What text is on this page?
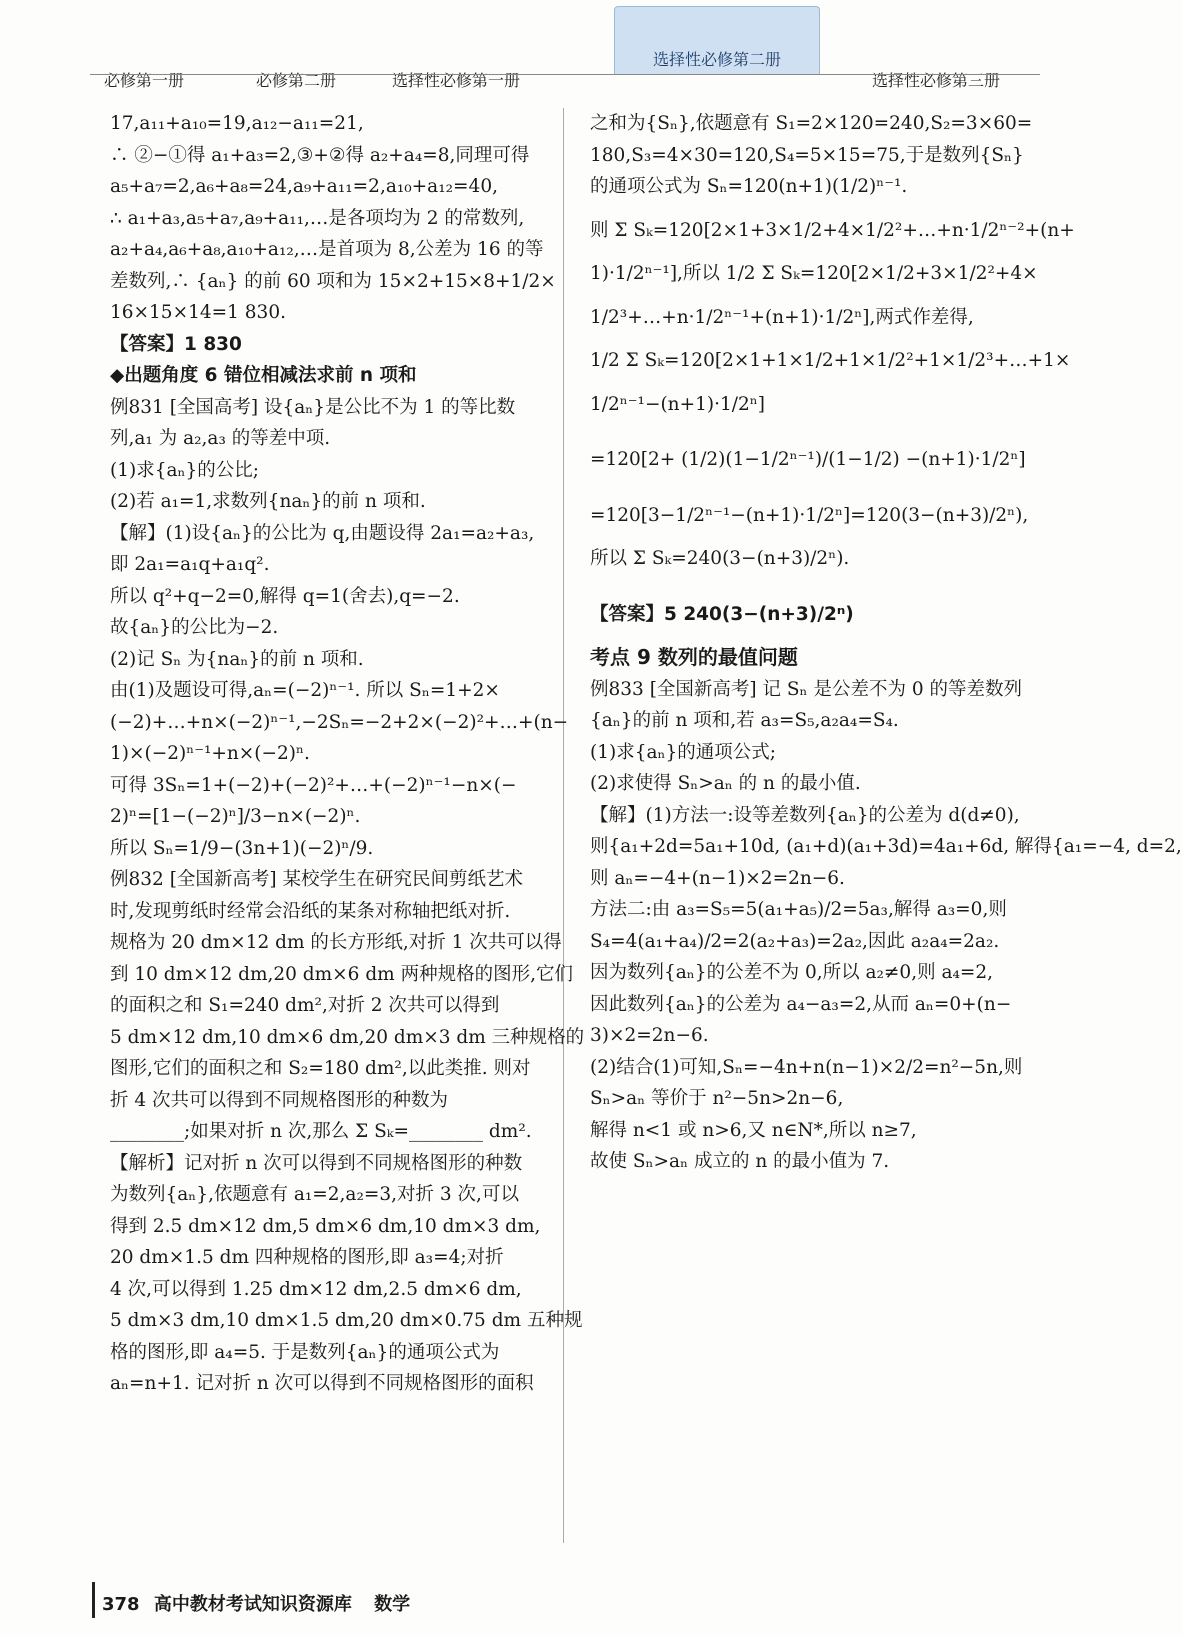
必修第一册	必修第二册	选择性必修第一册
选择性必修第二册
选择性必修第三册

17,a₁₁+a₁₀=19,a₁₂−a₁₁=21,

∴ ②−①得 a₁+a₃=2,③+②得 a₂+a₄=8,同理可得

a₅+a₇=2,a₆+a₈=24,a₉+a₁₁=2,a₁₀+a₁₂=40,

∴ a₁+a₃,a₅+a₇,a₉+a₁₁,…是各项均为 2 的常数列,

a₂+a₄,a₆+a₈,a₁₀+a₁₂,…是首项为 8,公差为 16 的等

差数列,∴ {aₙ} 的前 60 项和为 15×2+15×8+1/2×

16×15×14=1 830.

【答案】1 830

◆出题角度 6 错位相减法求前 n 项和

例831 [全国高考] 设{aₙ}是公比不为 1 的等比数

列,a₁ 为 a₂,a₃ 的等差中项.

(1)求{aₙ}的公比;

(2)若 a₁=1,求数列{naₙ}的前 n 项和.

【解】(1)设{aₙ}的公比为 q,由题设得 2a₁=a₂+a₃,

即 2a₁=a₁q+a₁q².

所以 q²+q−2=0,解得 q=1(舍去),q=−2.

故{aₙ}的公比为−2.

(2)记 Sₙ 为{naₙ}的前 n 项和.

由(1)及题设可得,aₙ=(−2)ⁿ⁻¹. 所以 Sₙ=1+2×

(−2)+…+n×(−2)ⁿ⁻¹,−2Sₙ=−2+2×(−2)²+…+(n−

1)×(−2)ⁿ⁻¹+n×(−2)ⁿ.

可得 3Sₙ=1+(−2)+(−2)²+…+(−2)ⁿ⁻¹−n×(−

2)ⁿ=[1−(−2)ⁿ]/3−n×(−2)ⁿ.

所以 Sₙ=1/9−(3n+1)(−2)ⁿ/9.

例832 [全国新高考] 某校学生在研究民间剪纸艺术

时,发现剪纸时经常会沿纸的某条对称轴把纸对折.

规格为 20 dm×12 dm 的长方形纸,对折 1 次共可以得

到 10 dm×12 dm,20 dm×6 dm 两种规格的图形,它们

的面积之和 S₁=240 dm²,对折 2 次共可以得到

5 dm×12 dm,10 dm×6 dm,20 dm×3 dm 三种规格的

图形,它们的面积之和 S₂=180 dm²,以此类推. 则对

折 4 次共可以得到不同规格图形的种数为

________;如果对折 n 次,那么 Σ Sₖ=________ dm².

【解析】记对折 n 次可以得到不同规格图形的种数

为数列{aₙ},依题意有 a₁=2,a₂=3,对折 3 次,可以

得到 2.5 dm×12 dm,5 dm×6 dm,10 dm×3 dm,

20 dm×1.5 dm 四种规格的图形,即 a₃=4;对折

4 次,可以得到 1.25 dm×12 dm,2.5 dm×6 dm,

5 dm×3 dm,10 dm×1.5 dm,20 dm×0.75 dm 五种规

格的图形,即 a₄=5. 于是数列{aₙ}的通项公式为

aₙ=n+1. 记对折 n 次可以得到不同规格图形的面积

之和为{Sₙ},依题意有 S₁=2×120=240,S₂=3×60=

180,S₃=4×30=120,S₄=5×15=75,于是数列{Sₙ}

的通项公式为 Sₙ=120(n+1)(1/2)ⁿ⁻¹.

则 Σ Sₖ=120[2×1+3×1/2+4×1/2²+…+n·1/2ⁿ⁻²+(n+

1)·1/2ⁿ⁻¹],所以 1/2 Σ Sₖ=120[2×1/2+3×1/2²+4×

1/2³+…+n·1/2ⁿ⁻¹+(n+1)·1/2ⁿ],两式作差得,

1/2 Σ Sₖ=120[2×1+1×1/2+1×1/2²+1×1/2³+…+1×

1/2ⁿ⁻¹−(n+1)·1/2ⁿ]

=120[2+ (1/2)(1−1/2ⁿ⁻¹)/(1−1/2) −(n+1)·1/2ⁿ]

=120[3−1/2ⁿ⁻¹−(n+1)·1/2ⁿ]=120(3−(n+3)/2ⁿ),

所以 Σ Sₖ=240(3−(n+3)/2ⁿ).

【答案】5 240(3−(n+3)/2ⁿ)

考点 9 数列的最值问题

例833 [全国新高考] 记 Sₙ 是公差不为 0 的等差数列

{aₙ}的前 n 项和,若 a₃=S₅,a₂a₄=S₄.

(1)求{aₙ}的通项公式;

(2)求使得 Sₙ>aₙ 的 n 的最小值.

【解】(1)方法一:设等差数列{aₙ}的公差为 d(d≠0),

则{a₁+2d=5a₁+10d, (a₁+d)(a₁+3d)=4a₁+6d, 解得{a₁=−4, d=2,

则 aₙ=−4+(n−1)×2=2n−6.

方法二:由 a₃=S₅=5(a₁+a₅)/2=5a₃,解得 a₃=0,则

S₄=4(a₁+a₄)/2=2(a₂+a₃)=2a₂,因此 a₂a₄=2a₂.

因为数列{aₙ}的公差不为 0,所以 a₂≠0,则 a₄=2,

因此数列{aₙ}的公差为 a₄−a₃=2,从而 aₙ=0+(n−

3)×2=2n−6.

(2)结合(1)可知,Sₙ=−4n+n(n−1)×2/2=n²−5n,则

Sₙ>aₙ 等价于 n²−5n>2n−6,

解得 n<1 或 n>6,又 n∈N*,所以 n≥7,

故使 Sₙ>aₙ 成立的 n 的最小值为 7.

378 高中教材考试知识资源库 数学
